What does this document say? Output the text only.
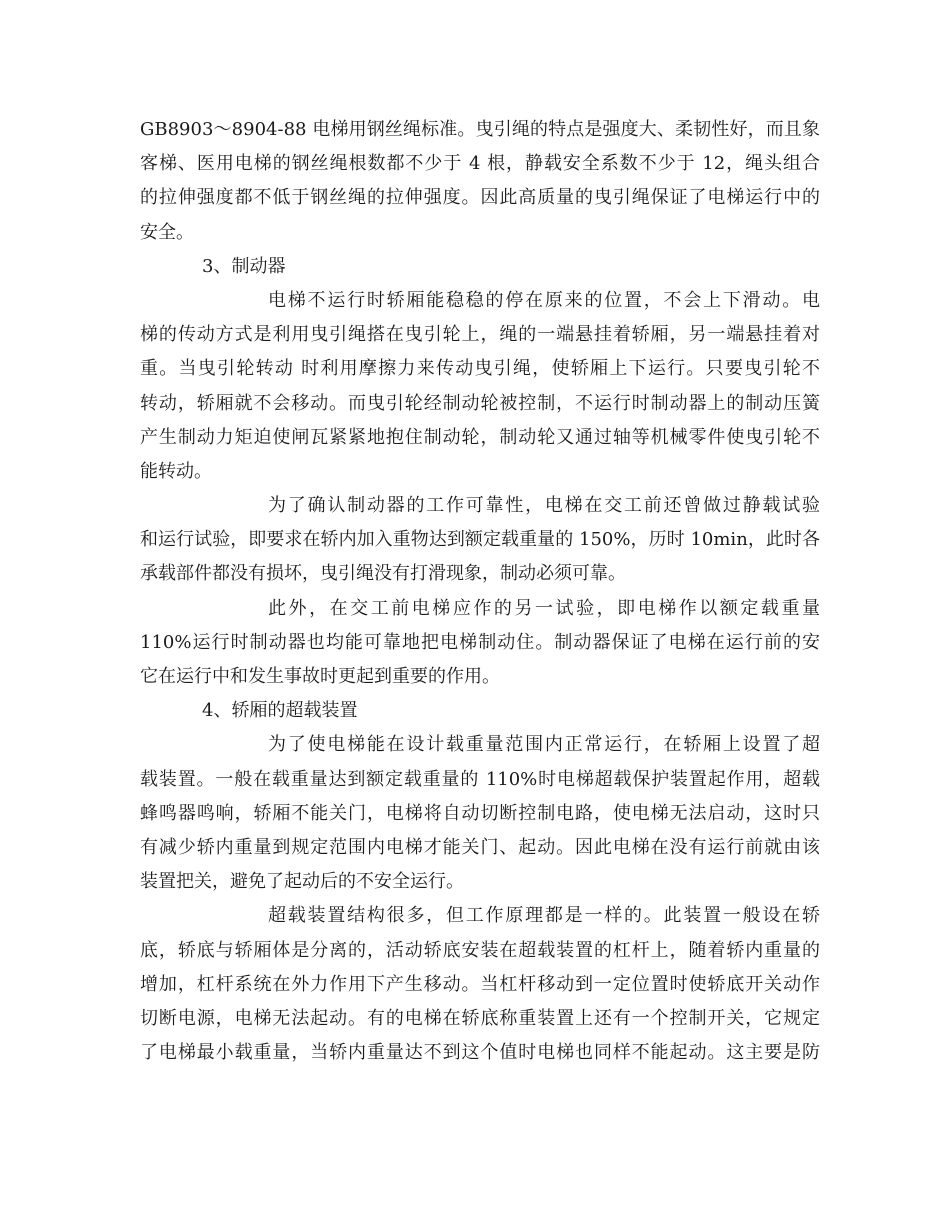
GB8903～8904-88 电梯用钢丝绳标准。曳引绳的特点是强度大、柔韧性好，而且象
客梯、医用电梯的钢丝绳根数都不少于 4 根，静载安全系数不少于 12，绳头组合
的拉伸强度都不低于钢丝绳的拉伸强度。因此高质量的曳引绳保证了电梯运行中的
安全。
3、制动器
电梯不运行时轿厢能稳稳的停在原来的位置，不会上下滑动。电
梯的传动方式是利用曳引绳搭在曳引轮上，绳的一端悬挂着轿厢，另一端悬挂着对
重。当曳引轮转动 时利用摩擦力来传动曳引绳，使轿厢上下运行。只要曳引轮不
转动，轿厢就不会移动。而曳引轮经制动轮被控制，不运行时制动器上的制动压簧
产生制动力矩迫使闸瓦紧紧地抱住制动轮，制动轮又通过轴等机械零件使曳引轮不
能转动。
为了确认制动器的工作可靠性，电梯在交工前还曾做过静载试验
和运行试验，即要求在轿内加入重物达到额定载重量的 150%，历时 10min，此时各
承载部件都没有损坏，曳引绳没有打滑现象，制动必须可靠。
此外，在交工前电梯应作的另一试验，即电梯作以额定载重量
110%运行时制动器也均能可靠地把电梯制动住。制动器保证了电梯在运行前的安
它在运行中和发生事故时更起到重要的作用。
4、轿厢的超载装置
为了使电梯能在设计载重量范围内正常运行，在轿厢上设置了超
载装置。一般在载重量达到额定载重量的 110%时电梯超载保护装置起作用，超载
蜂鸣器鸣响，轿厢不能关门，电梯将自动切断控制电路，使电梯无法启动，这时只
有减少轿内重量到规定范围内电梯才能关门、起动。因此电梯在没有运行前就由该
装置把关，避免了起动后的不安全运行。
超载装置结构很多，但工作原理都是一样的。此装置一般设在轿
底，轿底与轿厢体是分离的，活动轿底安装在超载装置的杠杆上，随着轿内重量的
增加，杠杆系统在外力作用下产生移动。当杠杆移动到一定位置时使轿底开关动作
切断电源，电梯无法起动。有的电梯在轿底称重装置上还有一个控制开关，它规定
了电梯最小载重量，当轿内重量达不到这个值时电梯也同样不能起动。这主要是防
